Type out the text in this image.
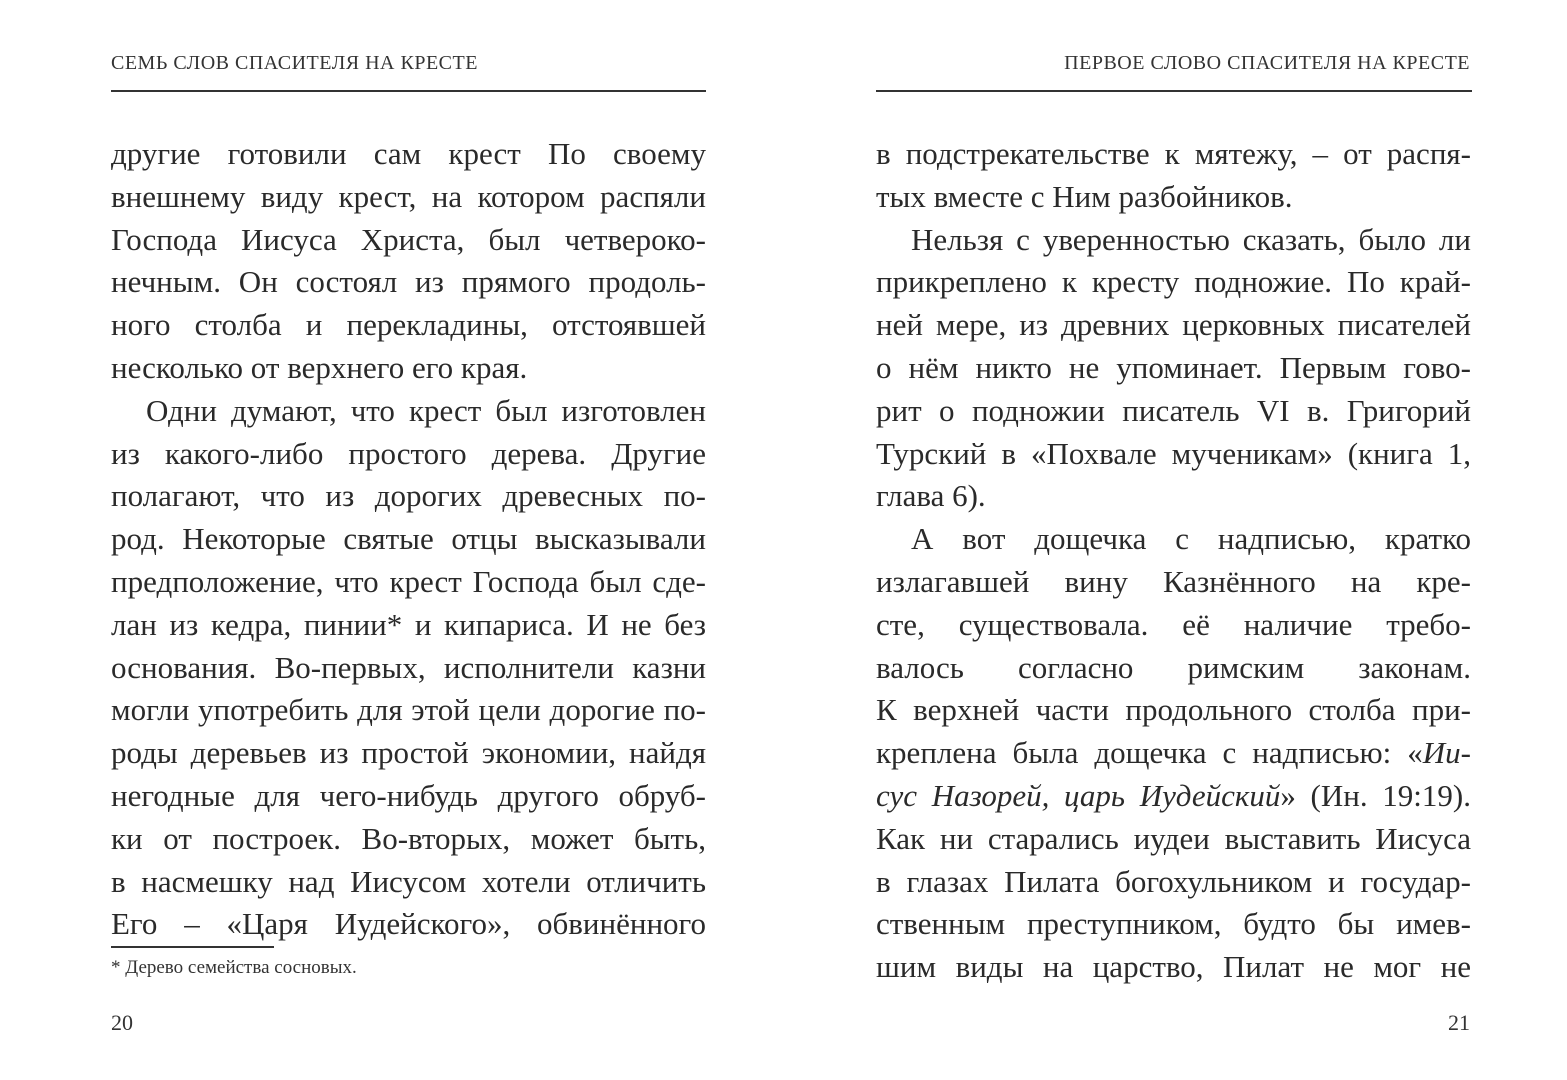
СЕМЬ СЛОВ СПАСИТЕЛЯ НА КРЕСТЕ
другие готовили сам крест По своему
внешнему виду крест, на котором распяли
Господа Иисуса Христа, был четвероко-
нечным. Он состоял из прямого продоль-
ного столба и перекладины, отстоявшей
несколько от верхнего его края.
Одни думают, что крест был изготовлен
из какого-либо простого дерева. Другие
полагают, что из дорогих древесных по-
род. Некоторые святые отцы высказывали
предположение, что крест Господа был сде-
лан из кедра, пинии* и кипариса. И не без
основания. Во-первых, исполнители казни
могли употребить для этой цели дорогие по-
роды деревьев из простой экономии, найдя
негодные для чего-нибудь другого обруб-
ки от построек. Во-вторых, может быть,
в насмешку над Иисусом хотели отличить
Его – «Царя Иудейского», обвинённого
* Дерево семейства сосновых.
20
ПЕРВОЕ СЛОВО СПАСИТЕЛЯ НА КРЕСТЕ
в подстрекательстве к мятежу, – от распя-
тых вместе с Ним разбойников.
Нельзя с уверенностью сказать, было ли
прикреплено к кресту подножие. По край-
ней мере, из древних церковных писателей
о нём никто не упоминает. Первым гово-
рит о подножии писатель VI в. Григорий
Турский в «Похвале мученикам» (книга 1,
глава 6).
А вот дощечка с надписью, кратко
излагавшей вину Казнённого на кре-
сте, существовала. её наличие требо-
валось согласно римским законам.
К верхней части продольного столба при-
креплена была дощечка с надписью: «Ии-
сус Назорей, царь Иудейский» (Ин. 19:19).
Как ни старались иудеи выставить Иисуса
в глазах Пилата богохульником и государ-
ственным преступником, будто бы имев-
шим виды на царство, Пилат не мог не
21
